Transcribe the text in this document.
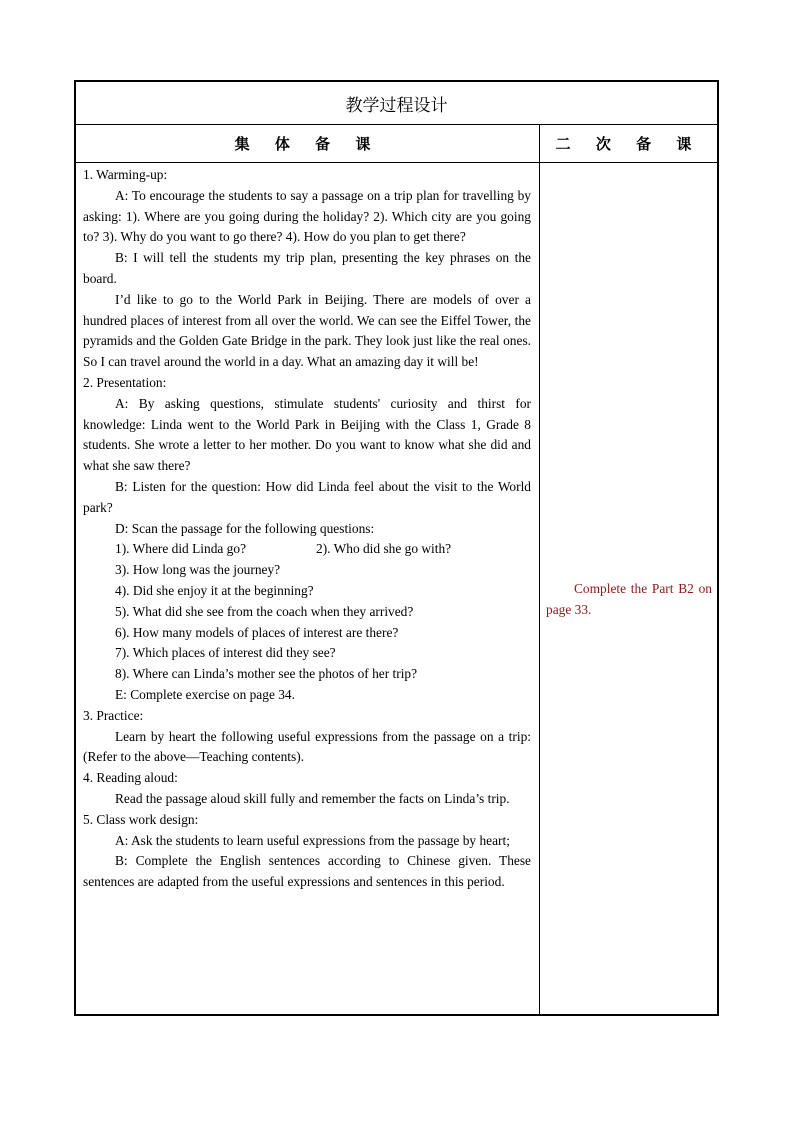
教学过程设计
集 体 备 课	二 次 备 课

1. Warming-up:

A: To encourage the students to say a passage on a trip plan for travelling by asking: 1). Where are you going during the holiday? 2). Which city are you going to? 3). Why do you want to go there? 4). How do you plan to get there?

B: I will tell the students my trip plan, presenting the key phrases on the board.

I’d like to go to the World Park in Beijing. There are models of over a hundred places of interest from all over the world. We can see the Eiffel Tower, the pyramids and the Golden Gate Bridge in the park. They look just like the real ones. So I can travel around the world in a day. What an amazing day it will be!

2. Presentation:

A: By asking questions, stimulate students' curiosity and thirst for knowledge: Linda went to the World Park in Beijing with the Class 1, Grade 8 students. She wrote a letter to her mother. Do you want to know what she did and what she saw there?

B: Listen for the question: How did Linda feel about the visit to the World park?

D: Scan the passage for the following questions:

1). Where did Linda go?	2). Who did she go with?

3). How long was the journey?

4). Did she enjoy it at the beginning?

5). What did she see from the coach when they arrived?

6). How many models of places of interest are there?

7). Which places of interest did they see?

8). Where can Linda’s mother see the photos of her trip?

E: Complete exercise on page 34.

3. Practice:

Learn by heart the following useful expressions from the passage on a trip: (Refer to the above—Teaching contents).

4. Reading aloud:

Read the passage aloud skill fully and remember the facts on Linda’s trip.

5. Class work design:

A: Ask the students to learn useful expressions from the passage by heart;

B: Complete the English sentences according to Chinese given. These sentences are adapted from the useful expressions and sentences in this period.

Complete the Part B2 on page 33.
